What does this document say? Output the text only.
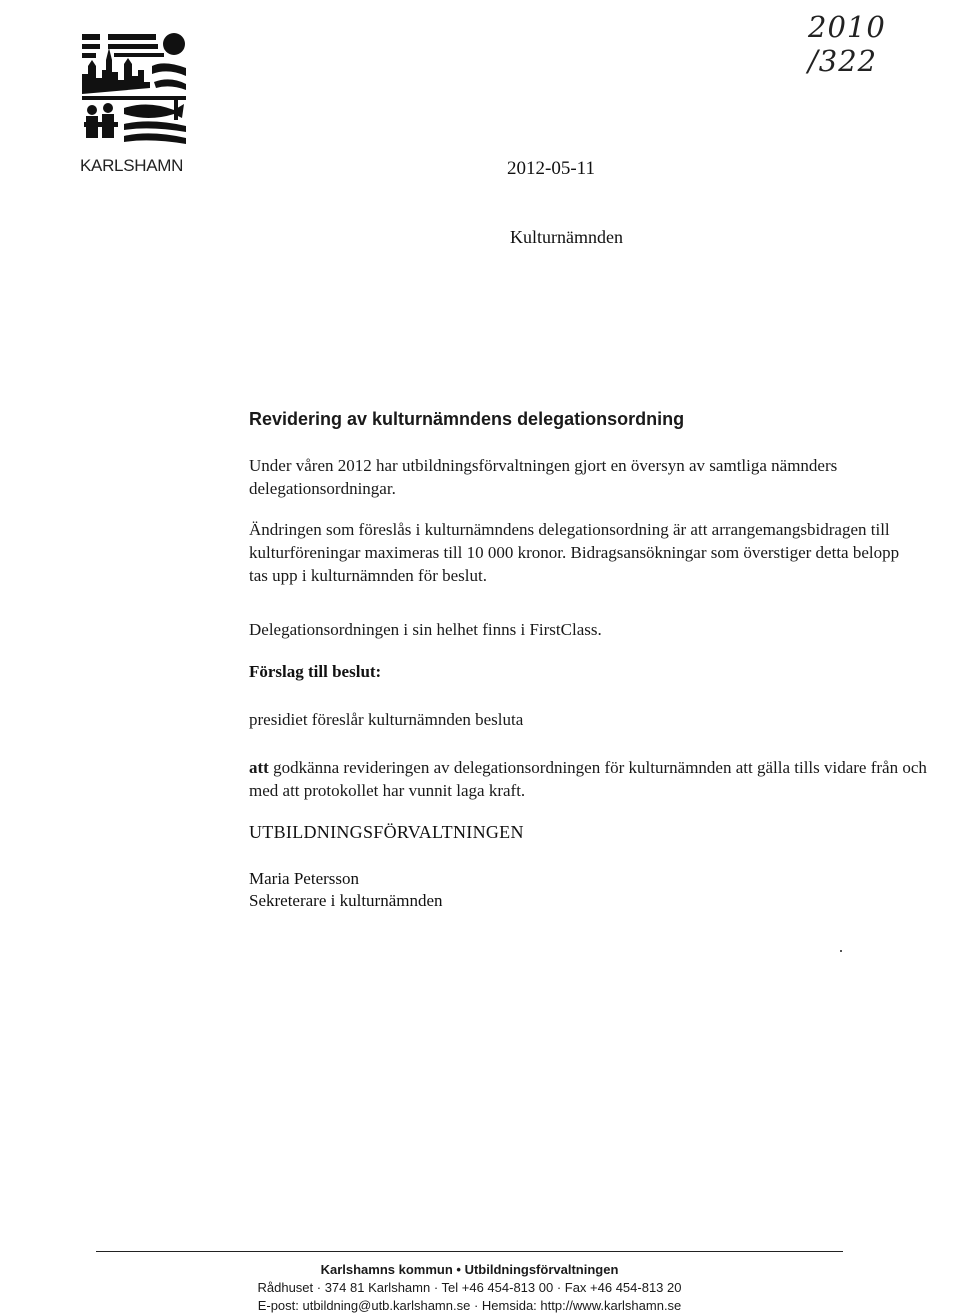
2010 /322
KARLSHAMN	2012-05-11
Kulturnämnden
Revidering av kulturnämndens delegationsordning
Under våren 2012 har utbildningsförvaltningen gjort en översyn av samtliga nämnders delegationsordningar.
Ändringen som föreslås i kulturnämndens delegationsordning är att arrangemangsbidragen till kulturföreningar maximeras till 10 000 kronor. Bidragsansökningar som överstiger detta belopp tas upp i kulturnämnden för beslut.
Delegationsordningen i sin helhet finns i FirstClass.
Förslag till beslut:
presidiet föreslår kulturnämnden besluta
att godkänna revideringen av delegationsordningen för kulturnämnden att gälla tills vidare från och med att protokollet har vunnit laga kraft.
UTBILDNINGSFÖRVALTNINGEN
Maria Petersson
Sekreterare i kulturnämnden
Karlshamns kommun • Utbildningsförvaltningen
Rådhuset · 374 81 Karlshamn · Tel +46 454-813 00 · Fax +46 454-813 20
E-post: utbildning@utb.karlshamn.se · Hemsida: http://www.karlshamn.se
